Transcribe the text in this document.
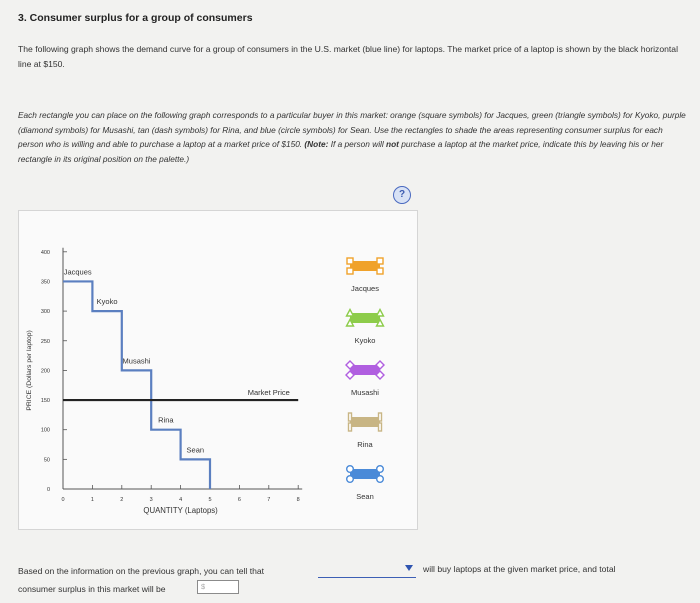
3. Consumer surplus for a group of consumers
The following graph shows the demand curve for a group of consumers in the U.S. market (blue line) for laptops. The market price of a laptop is shown by the black horizontal line at $150.
Each rectangle you can place on the following graph corresponds to a particular buyer in this market: orange (square symbols) for Jacques, green (triangle symbols) for Kyoko, purple (diamond symbols) for Musashi, tan (dash symbols) for Rina, and blue (circle symbols) for Sean. Use the rectangles to shade the areas representing consumer surplus for each person who is willing and able to purchase a laptop at a market price of $150. (Note: If a person will not purchase a laptop at the market price, indicate this by leaving his or her rectangle in its original position on the palette.)
?
0
50
100
150
200
250
300
350
400
0	1	2	3	4	5	6	7	8
QUANTITY (Laptops)
PRICE (Dollars per laptop)
Jacques
Kyoko
Musashi
Rina
Sean
Market Price
Jacques
Kyoko
Musashi
Rina
Sean
Based on the information on the previous graph, you can tell that	will buy laptops at the given market price, and total
consumer surplus in this market will be	$
